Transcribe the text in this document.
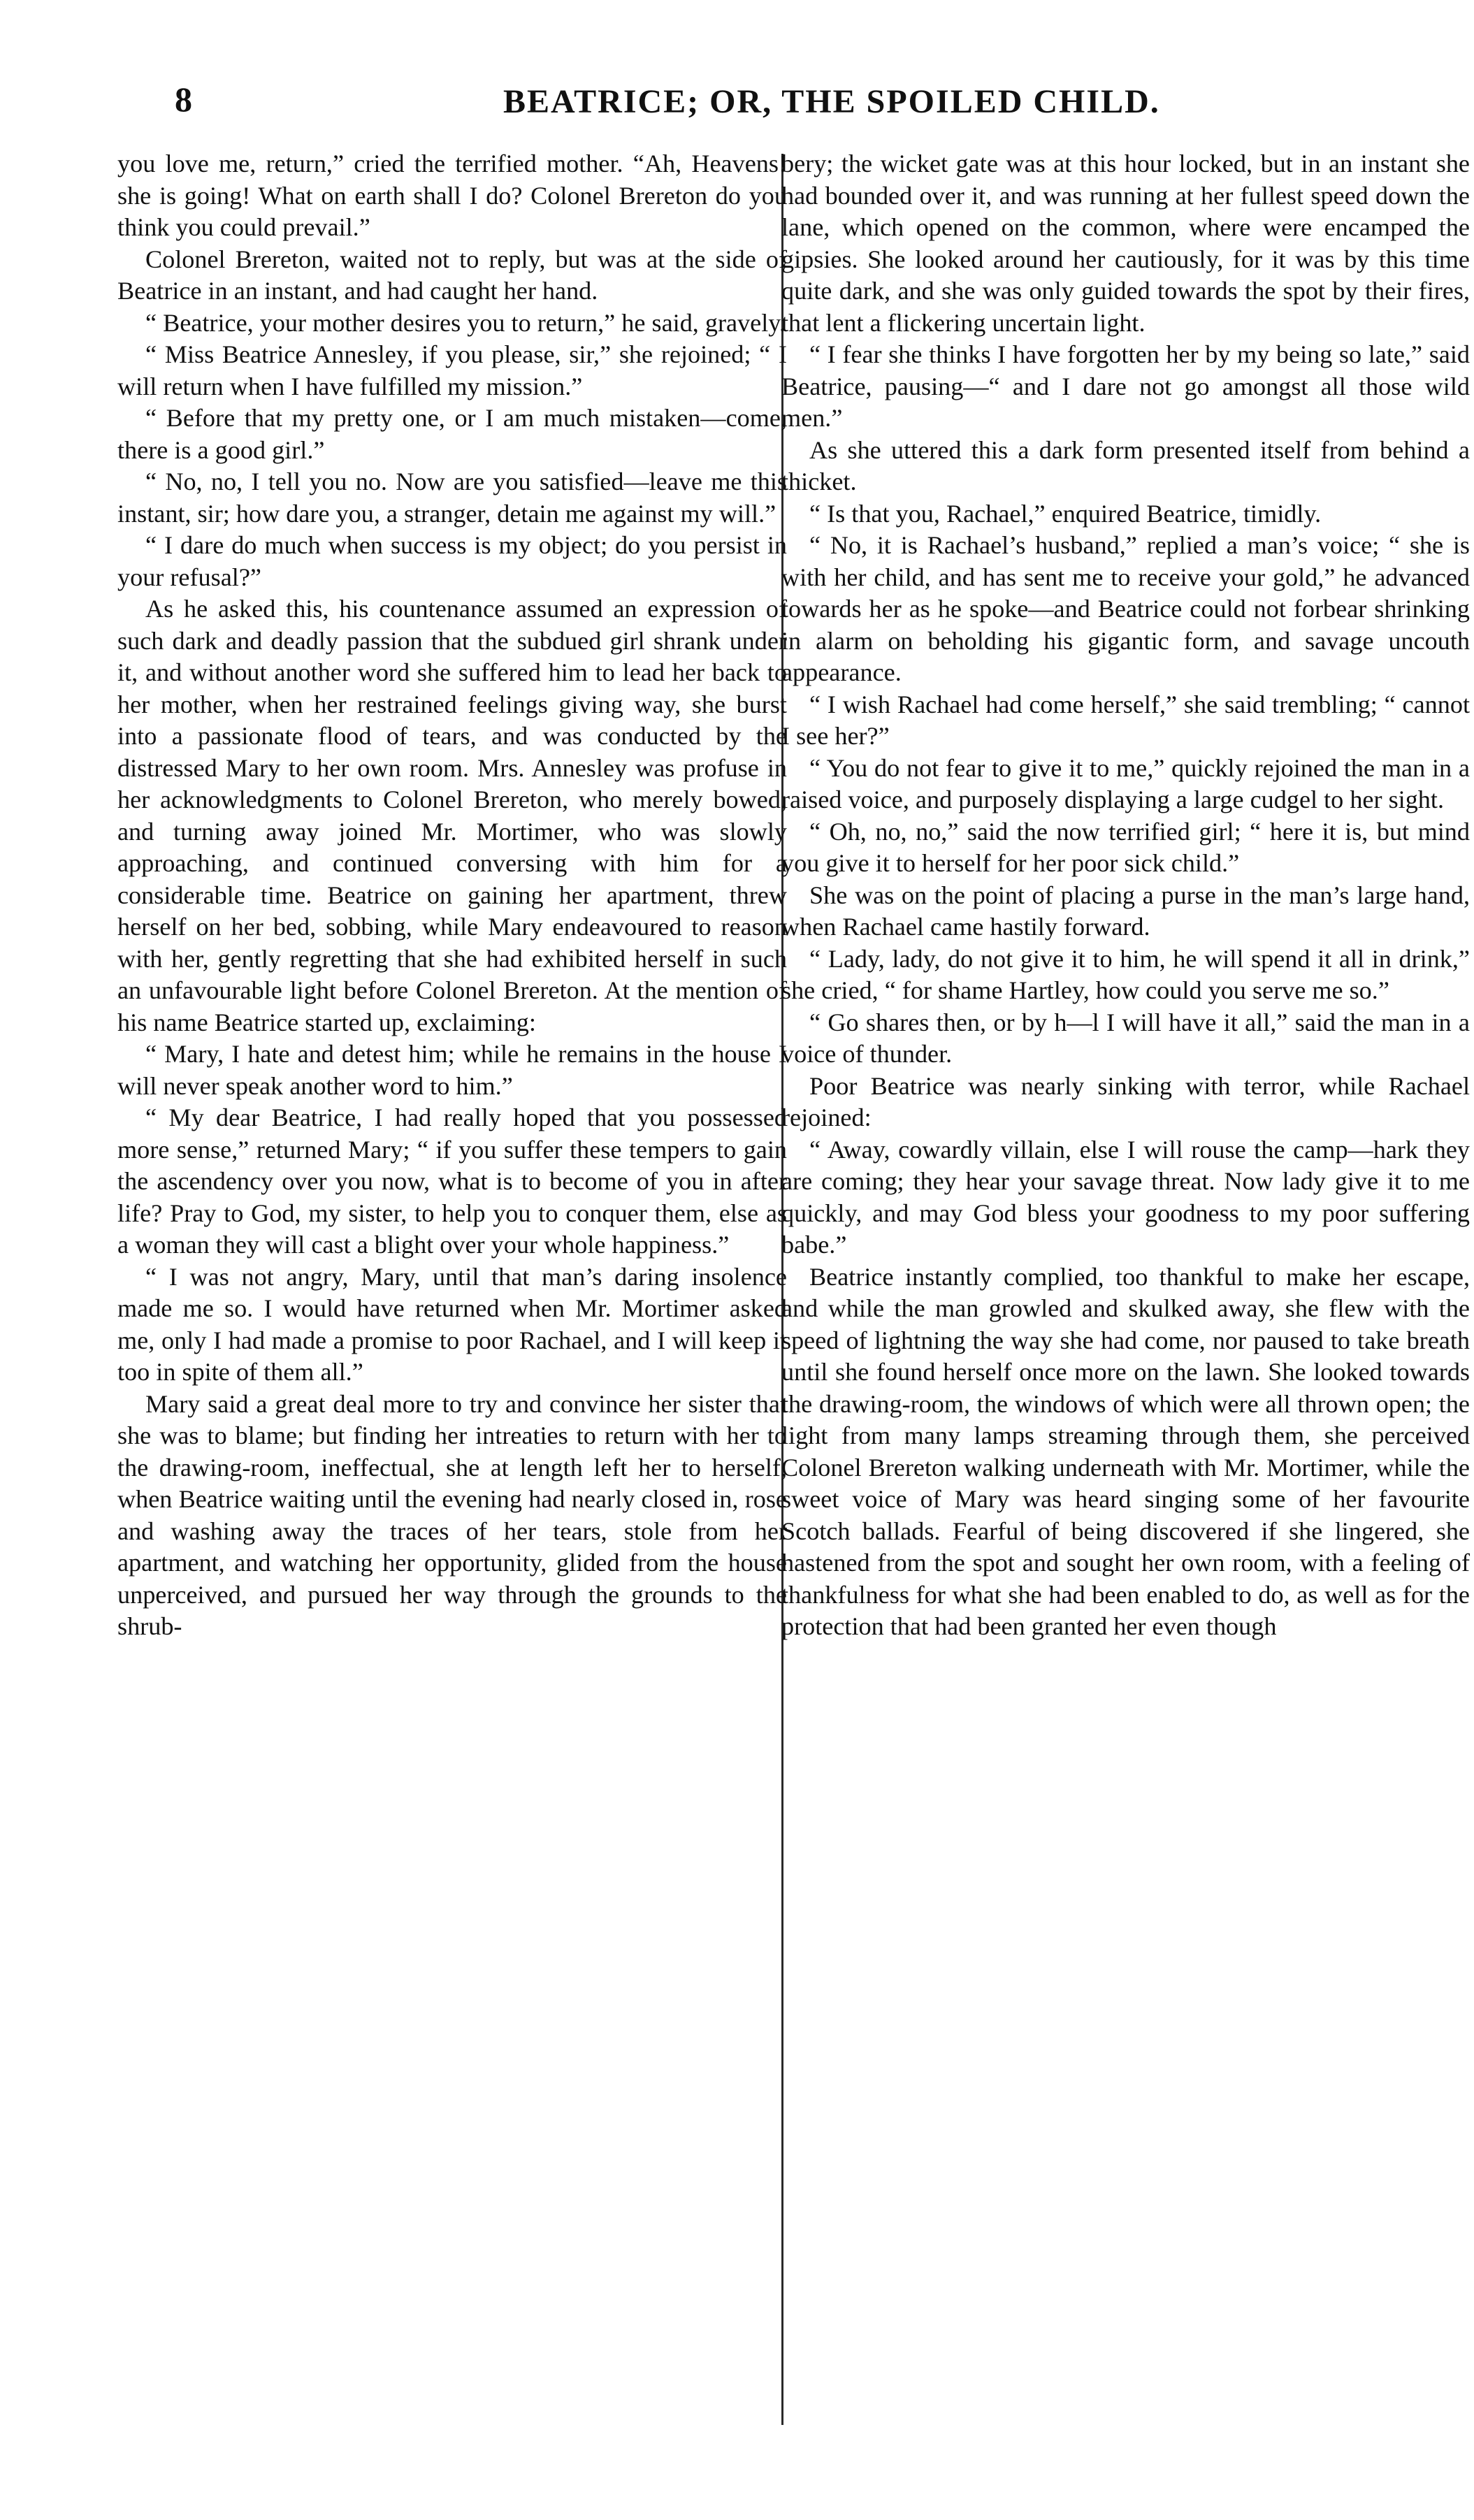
8	BEATRICE; OR, THE SPOILED CHILD.

you love me, return,” cried the terrified mother. “Ah, Heavens! she is going! What on earth shall I do? Colonel Brereton do you think you could prevail.”

Colonel Brereton, waited not to reply, but was at the side of Beatrice in an instant, and had caught her hand.

“ Beatrice, your mother desires you to return,” he said, gravely.

“ Miss Beatrice Annesley, if you please, sir,” she rejoined; “ I will return when I have fulfilled my mission.”

“ Before that my pretty one, or I am much mistaken—come, there is a good girl.”

“ No, no, I tell you no. Now are you satisfied—leave me this instant, sir; how dare you, a stranger, detain me against my will.”

“ I dare do much when success is my object; do you persist in your refusal?”

As he asked this, his countenance assumed an expression of such dark and deadly passion that the subdued girl shrank under it, and without another word she suffered him to lead her back to her mother, when her restrained feelings giving way, she burst into a passionate flood of tears, and was conducted by the distressed Mary to her own room. Mrs. Annesley was profuse in her acknowledgments to Colonel Brereton, who merely bowed, and turning away joined Mr. Mortimer, who was slowly approaching, and continued conversing with him for a considerable time. Beatrice on gaining her apartment, threw herself on her bed, sobbing, while Mary endeavoured to reason with her, gently regretting that she had exhibited herself in such an unfavourable light before Colonel Brereton. At the mention of his name Beatrice started up, exclaiming:

“ Mary, I hate and detest him; while he remains in the house I will never speak another word to him.”

“ My dear Beatrice, I had really hoped that you possessed more sense,” returned Mary; “ if you suffer these tempers to gain the ascendency over you now, what is to become of you in after life? Pray to God, my sister, to help you to conquer them, else as a woman they will cast a blight over your whole happiness.”

“ I was not angry, Mary, until that man’s daring insolence made me so. I would have returned when Mr. Mortimer asked me, only I had made a promise to poor Rachael, and I will keep it too in spite of them all.”

Mary said a great deal more to try and convince her sister that she was to blame; but finding her intreaties to return with her to the drawing-room, ineffectual, she at length left her to herself, when Beatrice waiting until the evening had nearly closed in, rose and washing away the traces of her tears, stole from her apartment, and watching her opportunity, glided from the house unperceived, and pursued her way through the grounds to the shrub-

bery; the wicket gate was at this hour locked, but in an instant she had bounded over it, and was running at her fullest speed down the lane, which opened on the common, where were encamped the gipsies. She looked around her cautiously, for it was by this time quite dark, and she was only guided towards the spot by their fires, that lent a flickering uncertain light.

“ I fear she thinks I have forgotten her by my being so late,” said Beatrice, pausing—“ and I dare not go amongst all those wild men.”

As she uttered this a dark form presented itself from behind a thicket.

“ Is that you, Rachael,” enquired Beatrice, timidly.

“ No, it is Rachael’s husband,” replied a man’s voice; “ she is with her child, and has sent me to receive your gold,” he advanced towards her as he spoke—and Beatrice could not forbear shrinking in alarm on beholding his gigantic form, and savage uncouth appearance.

“ I wish Rachael had come herself,” she said trembling; “ cannot I see her?”

“ You do not fear to give it to me,” quickly rejoined the man in a raised voice, and purposely displaying a large cudgel to her sight.

“ Oh, no, no,” said the now terrified girl; “ here it is, but mind you give it to herself for her poor sick child.”

She was on the point of placing a purse in the man’s large hand, when Rachael came hastily forward.

“ Lady, lady, do not give it to him, he will spend it all in drink,” she cried, “ for shame Hartley, how could you serve me so.”

“ Go shares then, or by h—l I will have it all,” said the man in a voice of thunder.

Poor Beatrice was nearly sinking with terror, while Rachael rejoined:

“ Away, cowardly villain, else I will rouse the camp—hark they are coming; they hear your savage threat. Now lady give it to me quickly, and may God bless your goodness to my poor suffering babe.”

Beatrice instantly complied, too thankful to make her escape, and while the man growled and skulked away, she flew with the speed of lightning the way she had come, nor paused to take breath until she found herself once more on the lawn. She looked towards the drawing-room, the windows of which were all thrown open; the light from many lamps streaming through them, she perceived Colonel Brereton walking underneath with Mr. Mortimer, while the sweet voice of Mary was heard singing some of her favourite Scotch ballads. Fearful of being discovered if she lingered, she hastened from the spot and sought her own room, with a feeling of thankfulness for what she had been enabled to do, as well as for the protection that had been granted her even though
